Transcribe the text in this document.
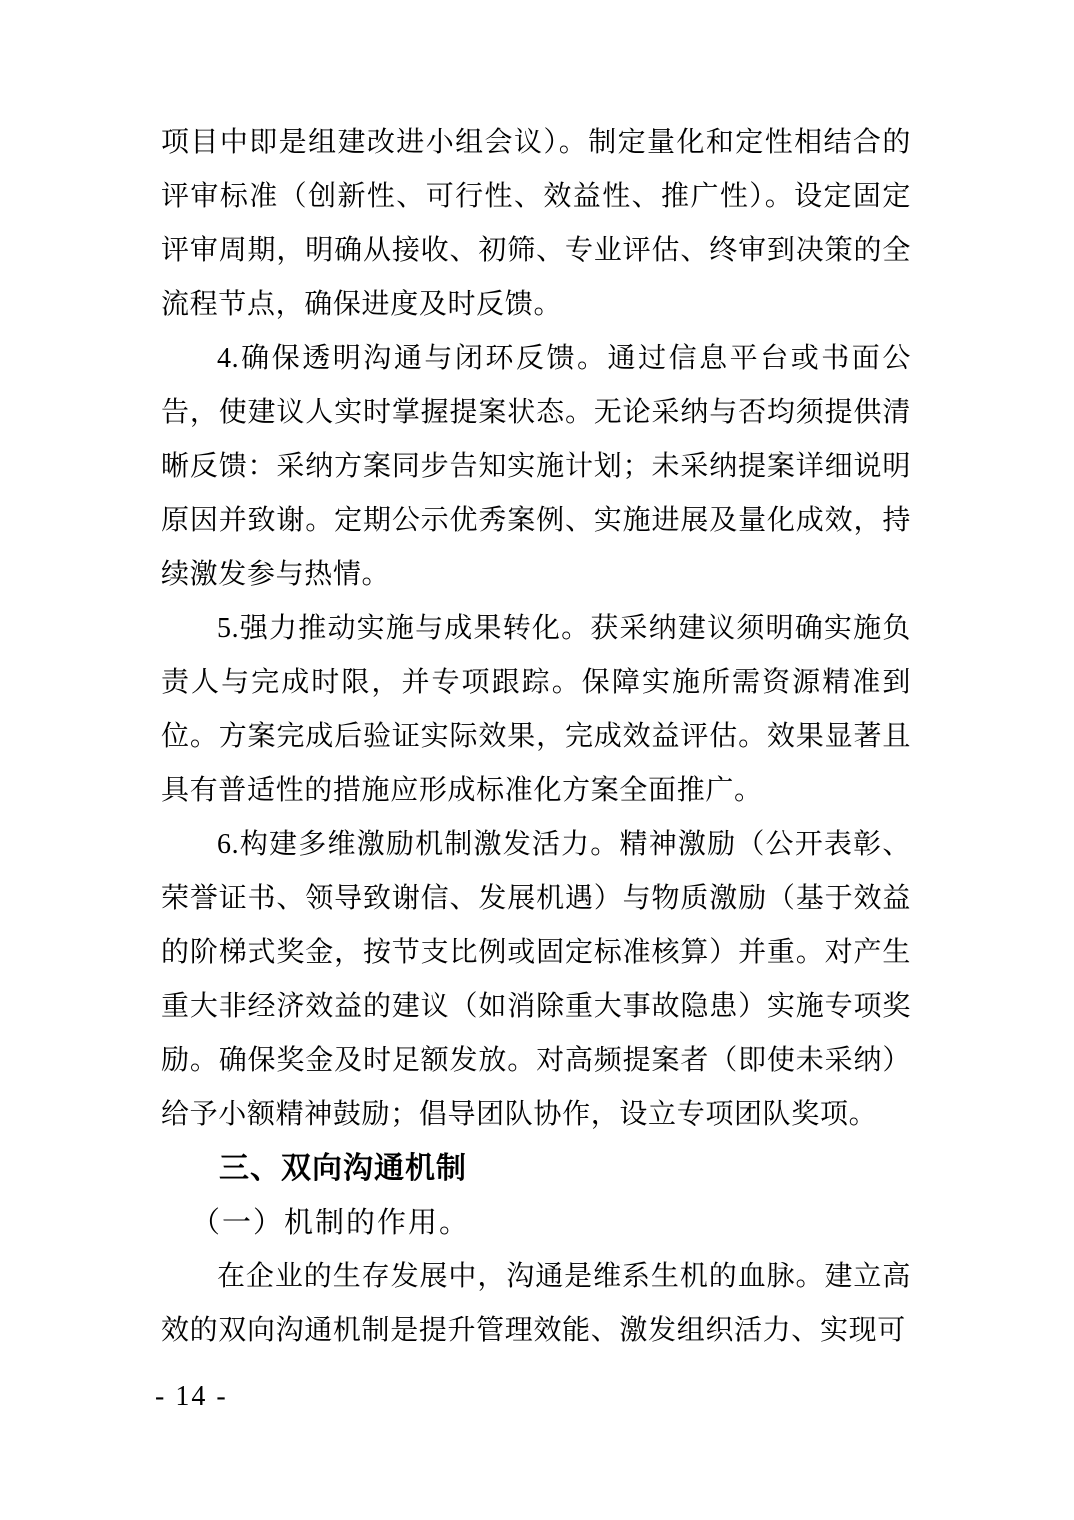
项目中即是组建改进小组会议）。制定量化和定性相结合的评审标准（创新性、可行性、效益性、推广性）。设定固定评审周期，明确从接收、初筛、专业评估、终审到决策的全流程节点，确保进度及时反馈。

4.确保透明沟通与闭环反馈。通过信息平台或书面公告，使建议人实时掌握提案状态。无论采纳与否均须提供清晰反馈：采纳方案同步告知实施计划；未采纳提案详细说明原因并致谢。定期公示优秀案例、实施进展及量化成效，持续激发参与热情。

5.强力推动实施与成果转化。获采纳建议须明确实施负责人与完成时限，并专项跟踪。保障实施所需资源精准到位。方案完成后验证实际效果，完成效益评估。效果显著且具有普适性的措施应形成标准化方案全面推广。

6.构建多维激励机制激发活力。精神激励（公开表彰、荣誉证书、领导致谢信、发展机遇）与物质激励（基于效益的阶梯式奖金，按节支比例或固定标准核算）并重。对产生重大非经济效益的建议（如消除重大事故隐患）实施专项奖励。确保奖金及时足额发放。对高频提案者（即使未采纳）给予小额精神鼓励；倡导团队协作，设立专项团队奖项。

三、双向沟通机制
（一）机制的作用。

在企业的生存发展中，沟通是维系生机的血脉。建立高效的双向沟通机制是提升管理效能、激发组织活力、实现可

- 14 -
